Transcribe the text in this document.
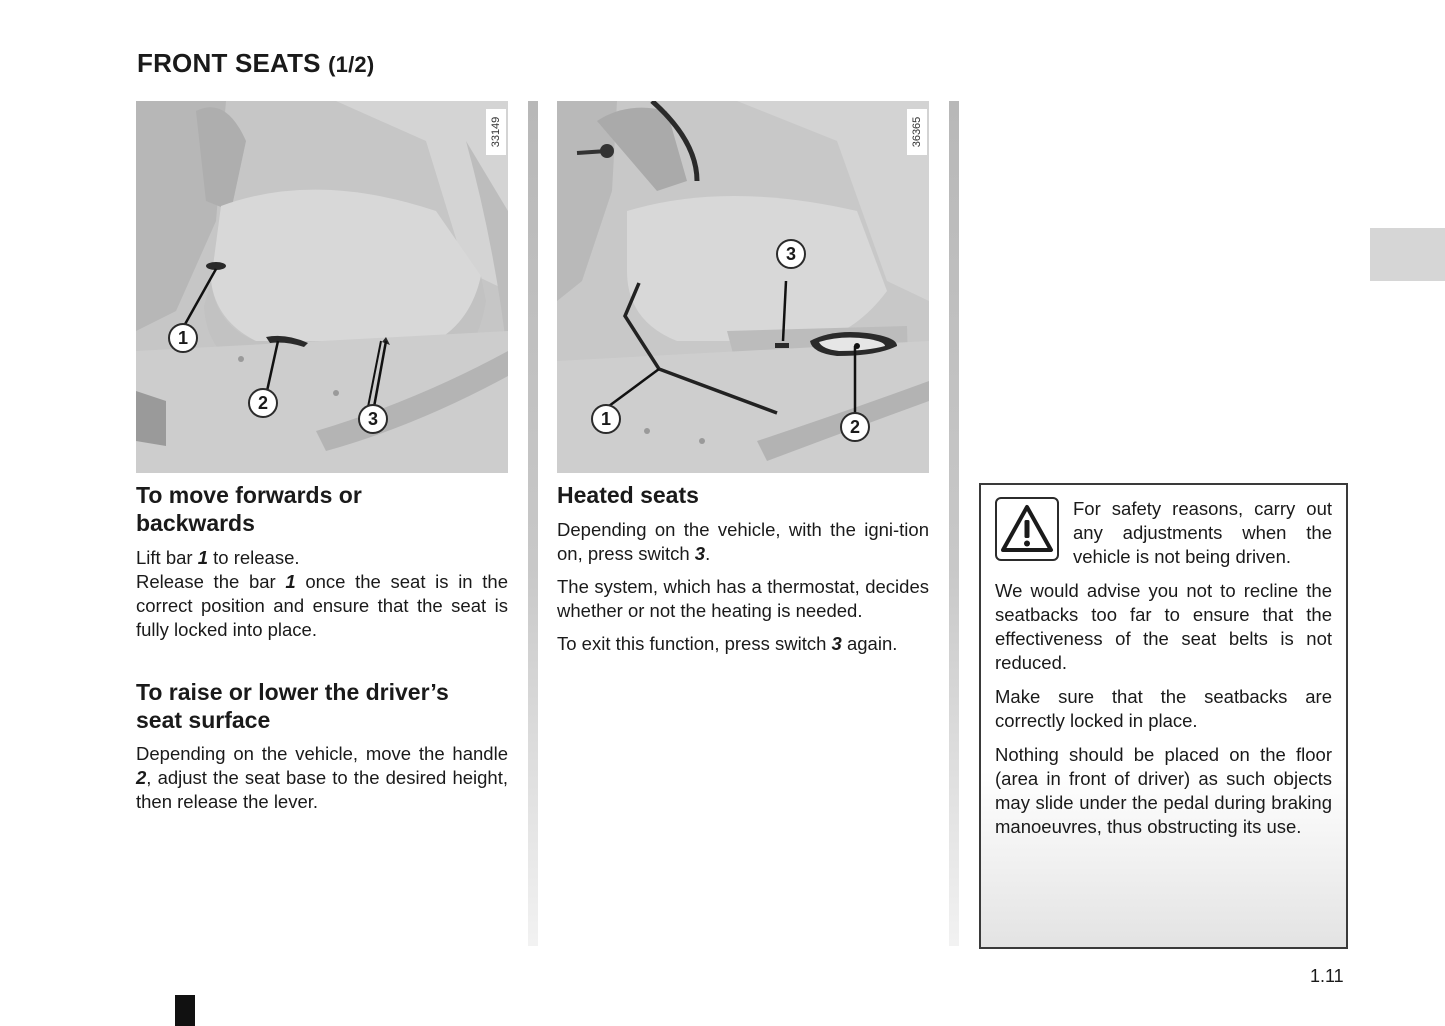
FRONT SEATS (1/2)
33149
1
2
3
To move forwards or
backwards

Lift bar 1 to release.

Release the bar 1 once the seat is in the correct position and ensure that the seat is fully locked into place.

To raise or lower the driver’s
seat surface

Depending on the vehicle, move the handle 2, adjust the seat base to the desired height, then release the lever.

36365
3
1	2
Heated seats

Depending on the vehicle, with the igni-tion on, press switch 3.

The system, which has a thermostat, decides whether or not the heating is needed.

To exit this function, press switch 3 again.

For safety reasons, carry out any adjustments when the vehicle is not being driven.

We would advise you not to recline the seatbacks too far to ensure that the effectiveness of the seat belts is not reduced.

Make sure that the seatbacks are correctly locked in place.

Nothing should be placed on the floor (area in front of driver) as such objects may slide under the pedal during braking manoeuvres, thus obstructing its use.

1.11
